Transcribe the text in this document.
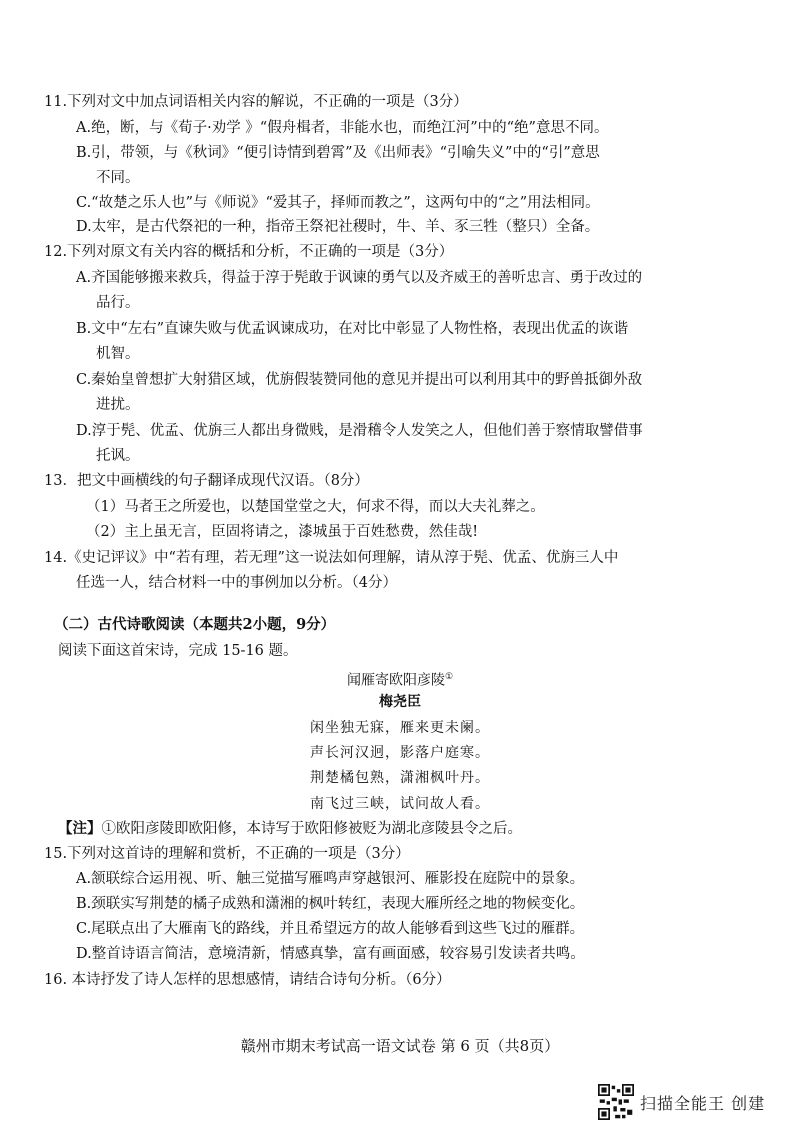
11.下列对文中加点词语相关内容的解说，不正确的一项是（3分）
A.绝，断，与《荀子·劝学 》“假舟楫者，非能水也，而绝江河”中的“绝”意思不同。
B.引，带领，与《秋词》“便引诗情到碧霄”及《出师表》“引喻失义”中的“引”意思
不同。
C.“故楚之乐人也”与《师说》“爱其子，择师而教之”，这两句中的“之”用法相同。
D.太牢，是古代祭祀的一种，指帝王祭祀社稷时，牛、羊、豕三牲（整只）全备。
12.下列对原文有关内容的概括和分析，不正确的一项是（3分）
A.齐国能够搬来救兵，得益于淳于髡敢于讽谏的勇气以及齐威王的善听忠言、勇于改过的
品行。
B.文中“左右”直谏失败与优孟讽谏成功，在对比中彰显了人物性格，表现出优孟的诙谐
机智。
C.秦始皇曾想扩大射猎区域，优旃假装赞同他的意见并提出可以利用其中的野兽抵御外敌
进扰。
D.淳于髡、优孟、优旃三人都出身微贱，是滑稽令人发笑之人，但他们善于察情取譬借事
托讽。
13．把文中画横线的句子翻译成现代汉语。（8分）
（1）马者王之所爱也，以楚国堂堂之大，何求不得，而以大夫礼葬之。
（2）主上虽无言，臣固将请之，漆城虽于百姓愁费，然佳哉!
14.《史记评议》中“若有理，若无理”这一说法如何理解，请从淳于髡、优孟、优旃三人中
任选一人，结合材料一中的事例加以分析。（4分）
（二）古代诗歌阅读（本题共2小题，9分）
阅读下面这首宋诗，完成 15-16 题。
闻雁寄欧阳彦陵①
梅尧臣
闲坐独无寐，雁来更未阑。
声长河汉迥，影落户庭寒。
荆楚橘包熟，潇湘枫叶丹。
南飞过三峡，试问故人看。
【注】①欧阳彦陵即欧阳修，本诗写于欧阳修被贬为湖北彦陵县令之后。
15.下列对这首诗的理解和赏析，不正确的一项是（3分）
A.颔联综合运用视、听、触三觉描写雁鸣声穿越银河、雁影投在庭院中的景象。
B.颈联实写荆楚的橘子成熟和潇湘的枫叶转红，表现大雁所经之地的物候变化。
C.尾联点出了大雁南飞的路线，并且希望远方的故人能够看到这些飞过的雁群。
D.整首诗语言简洁，意境清新，情感真挚，富有画面感，较容易引发读者共鸣。
16. 本诗抒发了诗人怎样的思想感情，请结合诗句分析。（6分）
赣州市期末考试高一语文试卷 第 6 页（共8页）
扫描全能王 创建
